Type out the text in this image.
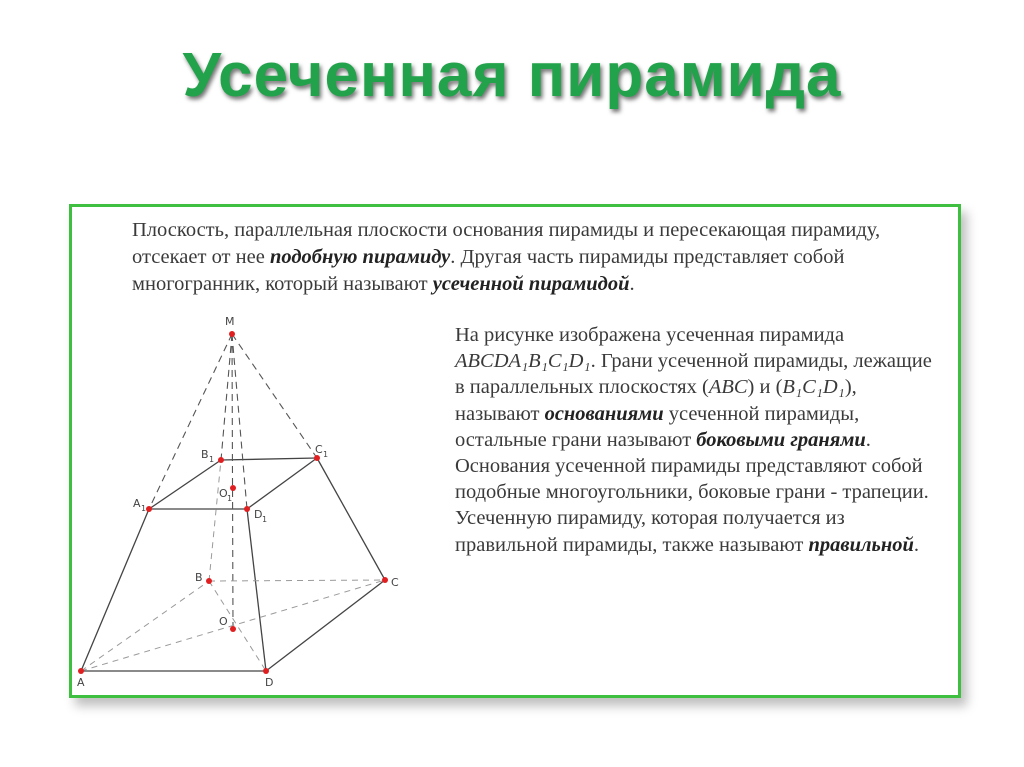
Усеченная пирамида
Плоскость, параллельная плоскости основания пирамиды и пересекающая пирамиду, отсекает от нее подобную пирамиду. Другая часть пирамиды представляет собой многогранник, который называют усеченной пирамидой.
На рисунке изображена усеченная пирамида ABCDA₁B₁C₁D₁. Грани усеченной пирамиды, лежащие в параллельных плоскостях (ABC) и (B₁C₁D₁), называют основаниями усеченной пирамиды, остальные грани называют боковыми гранями. Основания усеченной пирамиды представляют собой подобные многоугольники, боковые грани - трапеции. Усеченную пирамиду, которая получается из правильной пирамиды, также называют правильной.
M
B 1
C 1
A 1	D 1
O 1
B	C
O
A	D
